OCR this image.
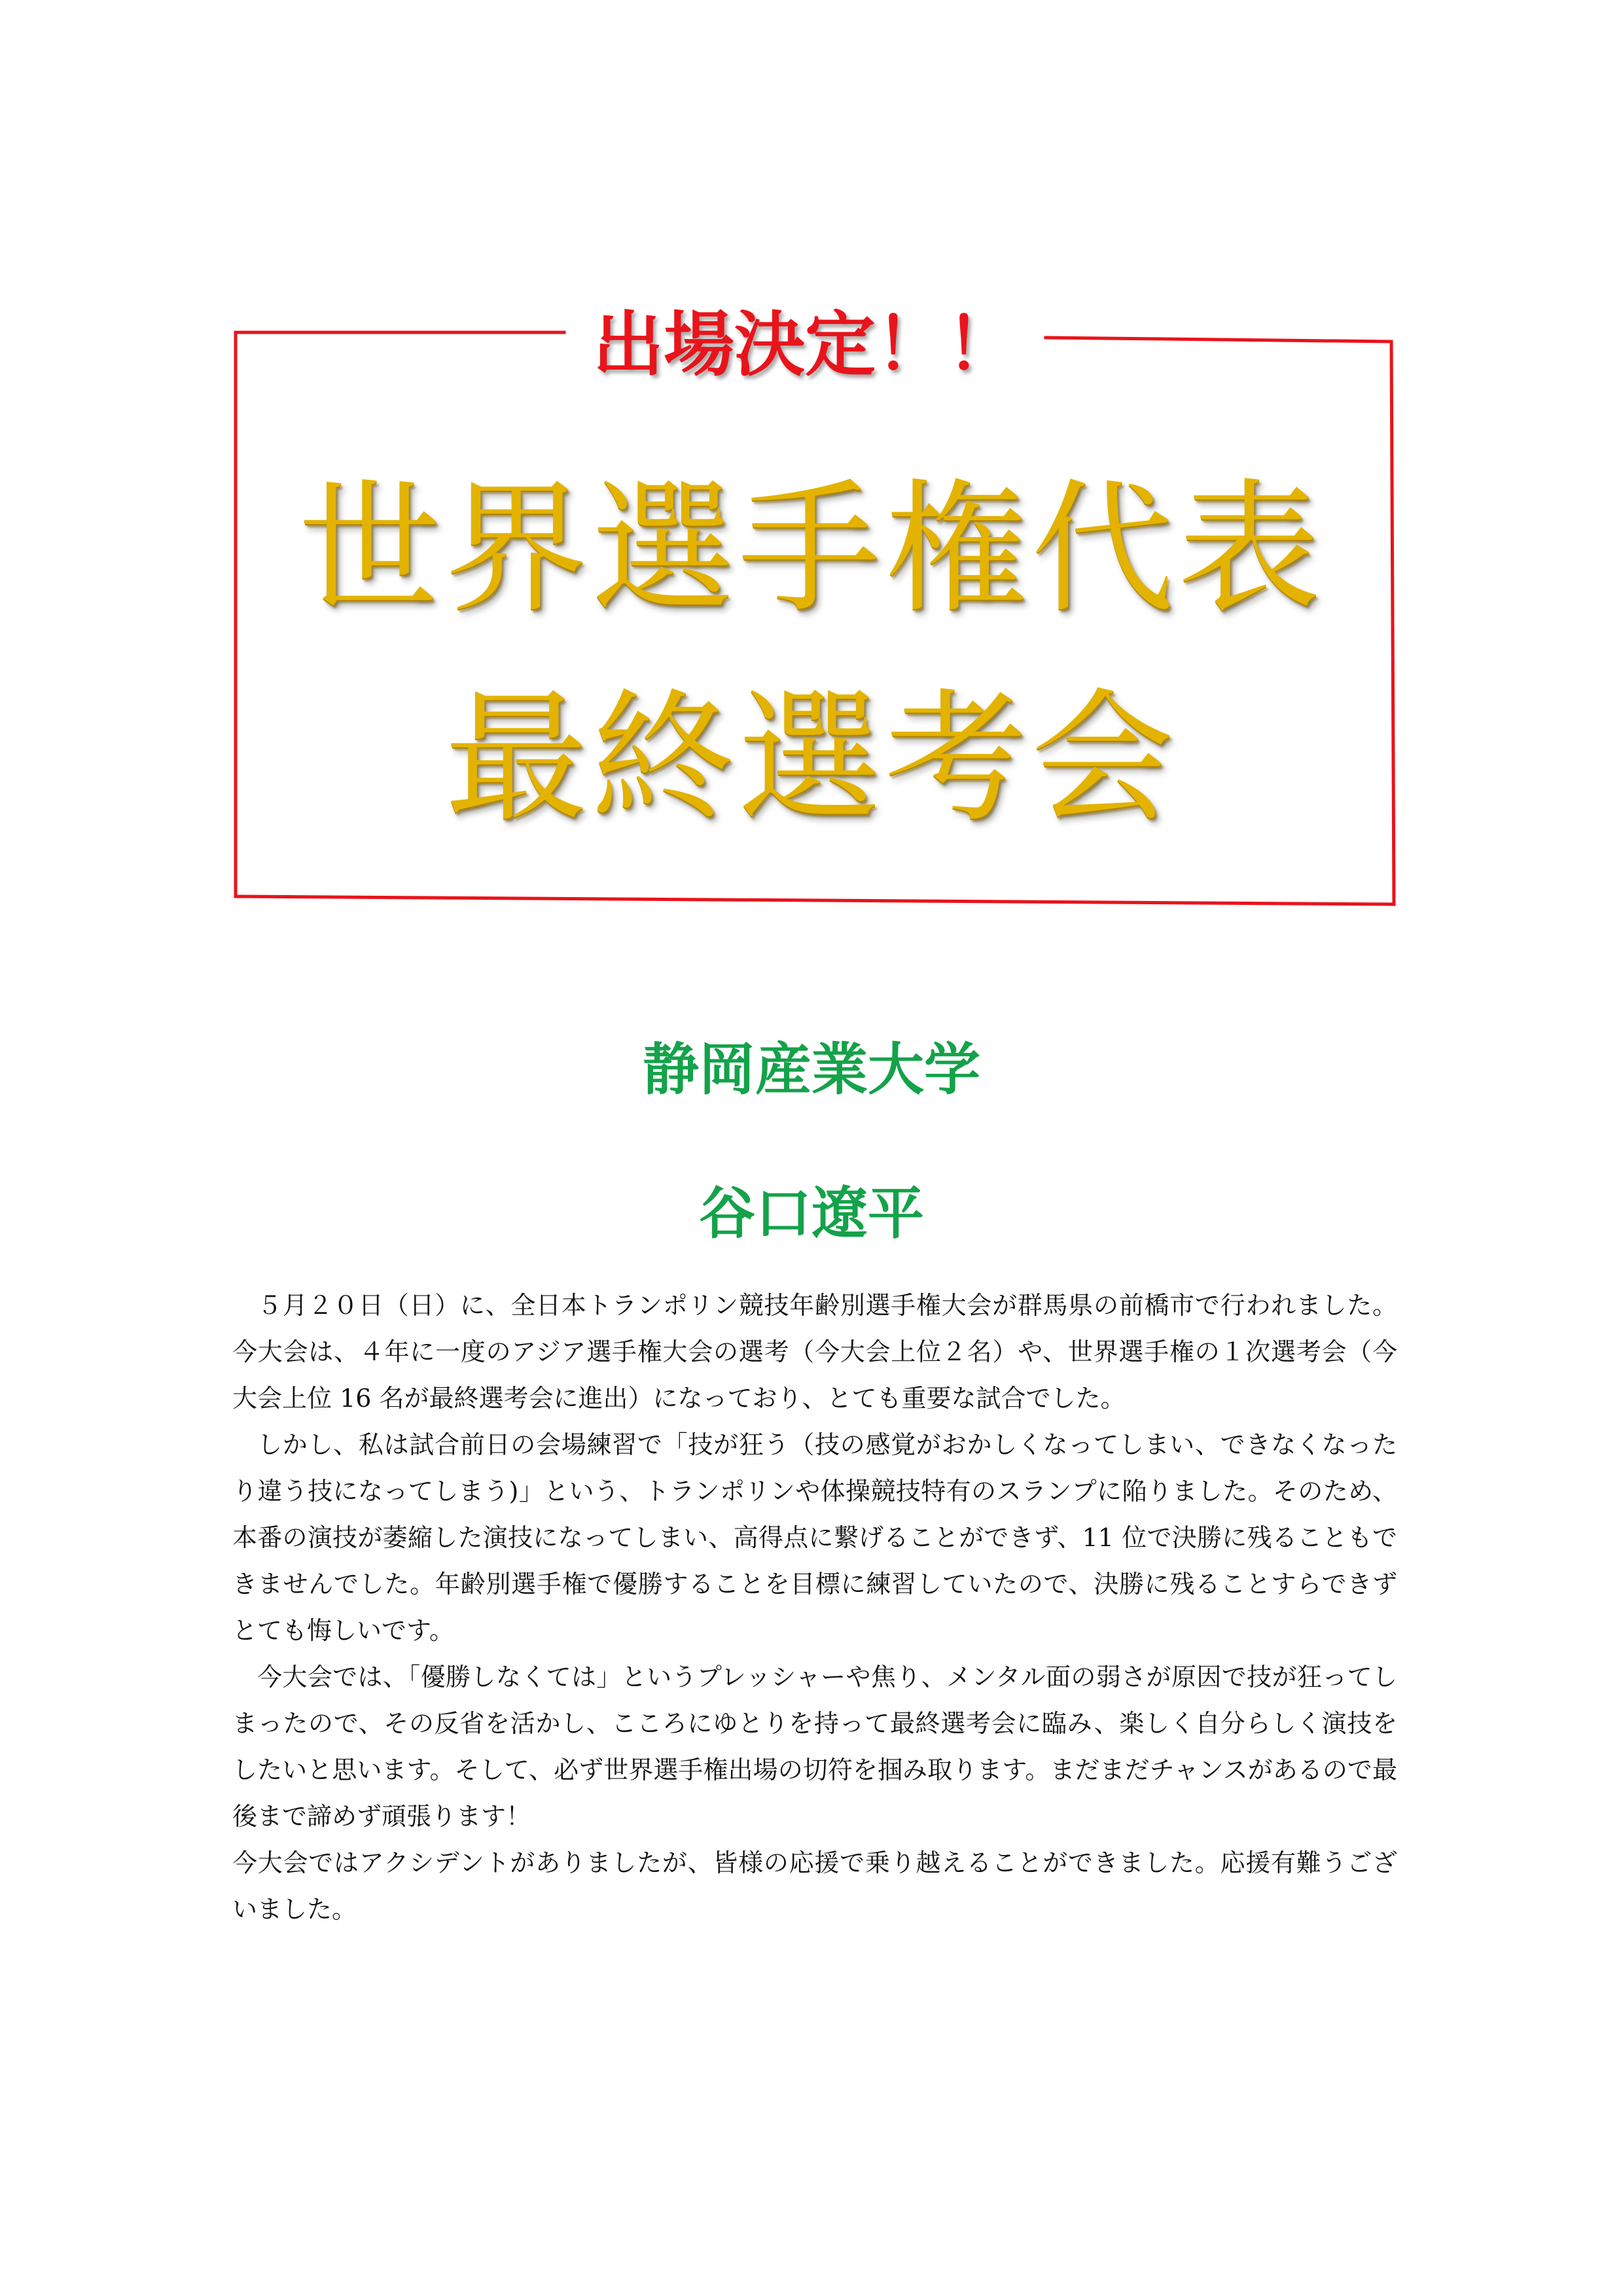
出場決定！！
世界選手権代表
最終選考会
静岡産業大学
谷口遼平

５月２０日（日）に、全日本トランポリン競技年齢別選手権大会が群馬県の前橋市で行われました。今大会は、４年に一度のアジア選手権大会の選考（今大会上位２名）や、世界選手権の１次選考会（今大会上位 16 名が最終選考会に進出）になっており、とても重要な試合でした。

しかし、私は試合前日の会場練習で「技が狂う（技の感覚がおかしくなってしまい、できなくなったり違う技になってしまう)」という、トランポリンや体操競技特有のスランプに陥りました。そのため、本番の演技が萎縮した演技になってしまい、高得点に繋げることができず、11 位で決勝に残ることもできませんでした。年齢別選手権で優勝することを目標に練習していたので、決勝に残ることすらできずとても悔しいです。

今大会では、「優勝しなくては」というプレッシャーや焦り、メンタル面の弱さが原因で技が狂ってしまったので、その反省を活かし、こころにゆとりを持って最終選考会に臨み、楽しく自分らしく演技をしたいと思います。そして、必ず世界選手権出場の切符を掴み取ります。まだまだチャンスがあるので最後まで諦めず頑張ります！

今大会ではアクシデントがありましたが、皆様の応援で乗り越えることができました。応援有難うございました。
